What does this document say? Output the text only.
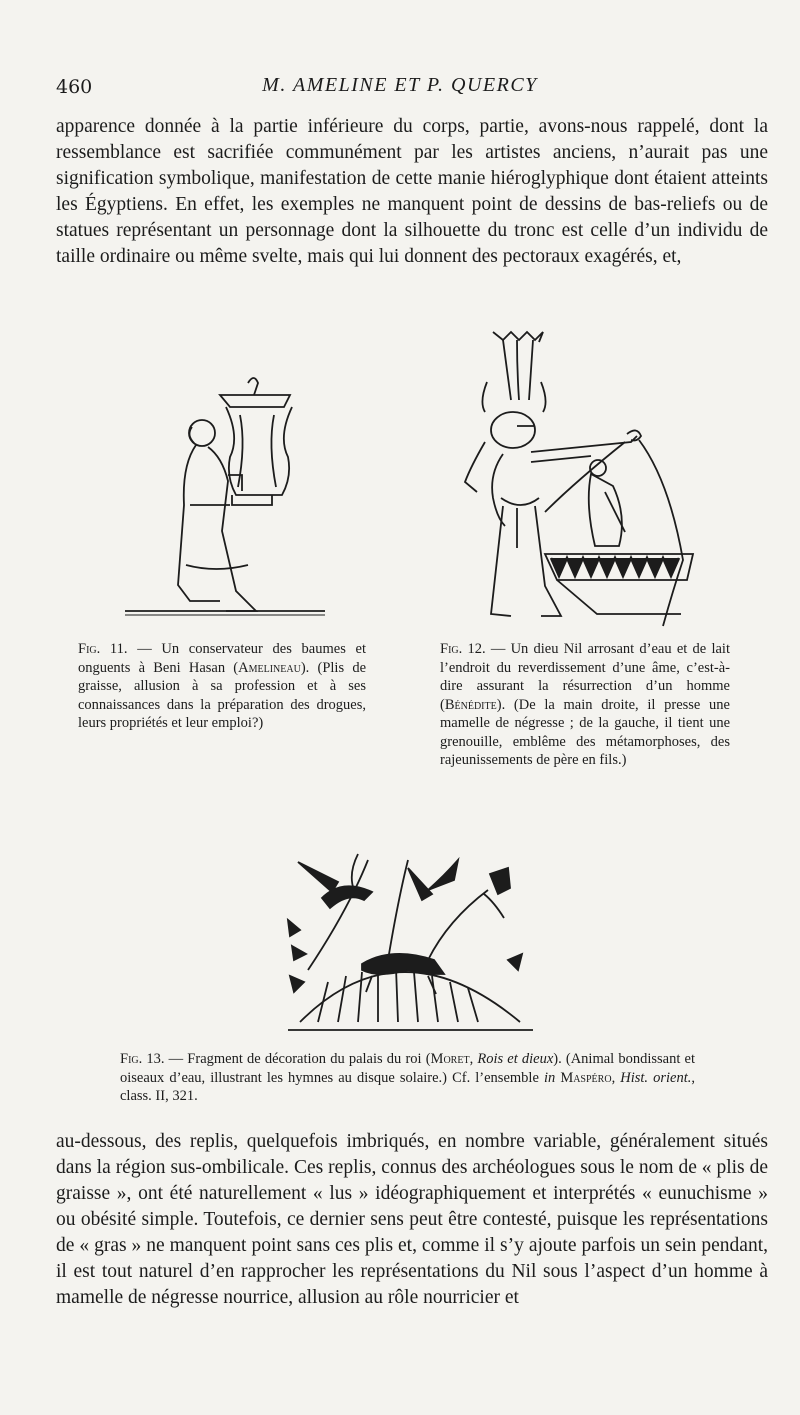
460	M. AMELINE ET P. QUERCY
apparence donnée à la partie inférieure du corps, partie, avons-nous rappelé, dont la ressemblance est sacrifiée communément par les artistes anciens, n’aurait pas une signification symbolique, manifestation de cette manie hiéroglyphique dont étaient atteints les Égyptiens. En effet, les exemples ne manquent point de dessins de bas-reliefs ou de statues représentant un personnage dont la silhouette du tronc est celle d’un individu de taille ordinaire ou même svelte, mais qui lui donnent des pectoraux exagérés, et,
Fig. 11. — Un conservateur des baumes et onguents à Beni Hasan (Amelineau). (Plis de graisse, allusion à sa profession et à ses connaissances dans la préparation des drogues, leurs propriétés et leur emploi?)
Fig. 12. — Un dieu Nil arrosant d’eau et de lait l’endroit du reverdissement d’une âme, c’est-à-dire assurant la résurrection d’un homme (Bénédite). (De la main droite, il presse une mamelle de négresse ; de la gauche, il tient une grenouille, emblême des métamorphoses, des rajeunissements de père en fils.)
Fig. 13. — Fragment de décoration du palais du roi (Moret, Rois et dieux). (Animal bondissant et oiseaux d’eau, illustrant les hymnes au disque solaire.) Cf. l’ensemble in Maspéro, Hist. orient., class. II, 321.
au-dessous, des replis, quelquefois imbriqués, en nombre variable, généralement situés dans la région sus-ombilicale. Ces replis, connus des archéologues sous le nom de « plis de graisse », ont été naturellement « lus » idéographiquement et interprétés « eunuchisme » ou obésité simple. Toutefois, ce dernier sens peut être contesté, puisque les représentations de « gras » ne manquent point sans ces plis et, comme il s’y ajoute parfois un sein pendant, il est tout naturel d’en rapprocher les représentations du Nil sous l’aspect d’un homme à mamelle de négresse nourrice, allusion au rôle nourricier et
